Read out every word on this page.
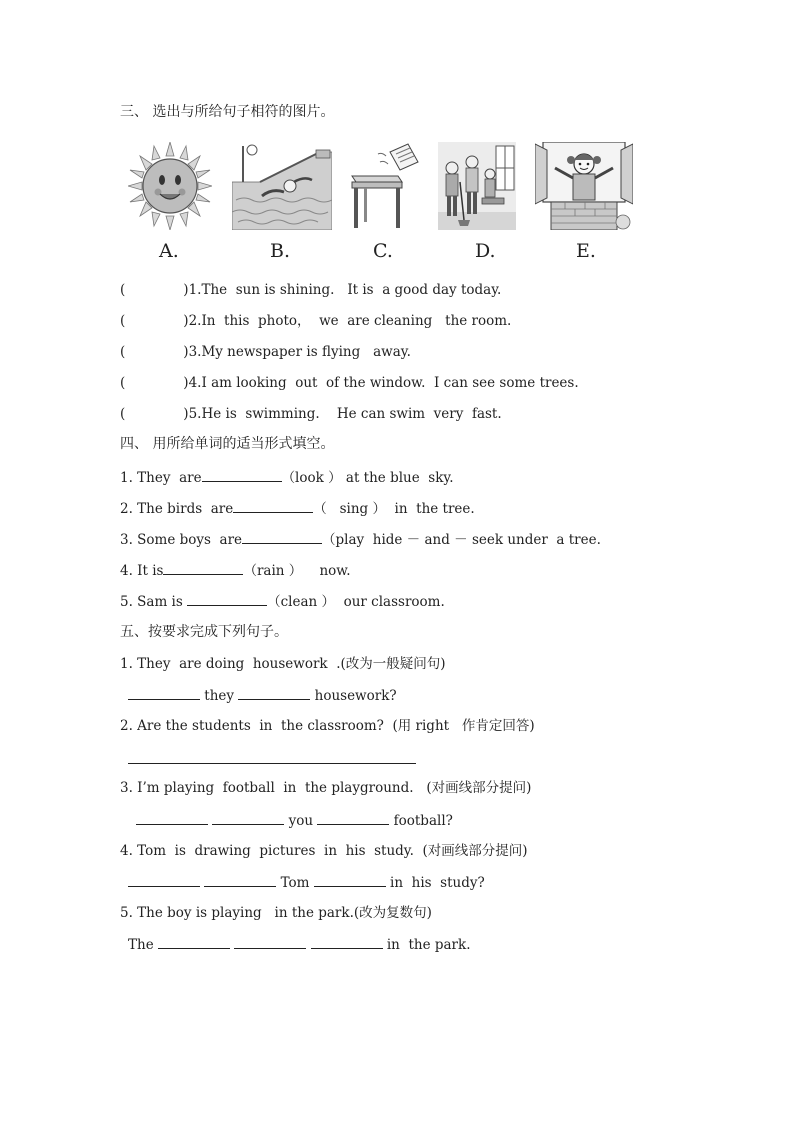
三、 选出与所给句子相符的图片。
A.	B.	C.	D.	E.
(	)1.The  sun is shining.   It is  a good day today.
(	)2.In  this  photo，  we  are cleaning   the room.
(	)3.My newspaper is flying   away.
(	)4.I am looking  out  of the window.  I can see some trees.
(	)5.He is  swimming.    He can swim  very  fast.
四、 用所给单词的适当形式填空。
1. They  are	（look ） at the blue  sky.
2. The birds  are	（   sing ）  in  the tree.
3. Some boys  are	（play  hide － and － seek under  a tree.
4. It is	（rain ）    now.
5. Sam is	（clean ）  our classroom.
五、按要求完成下列句子。
1. They  are doing  housework  .(改为一般疑问句)
they	housework?
2. Are the students  in  the classroom?  (用 right   作肯定回答)
3. I’m playing  football  in  the playground.   (对画线部分提问)
you	football?
4. Tom  is  drawing  pictures  in  his  study.  (对画线部分提问)
Tom	in  his  study?
5. The boy is playing   in the park.(改为复数句)
The	in  the park.
